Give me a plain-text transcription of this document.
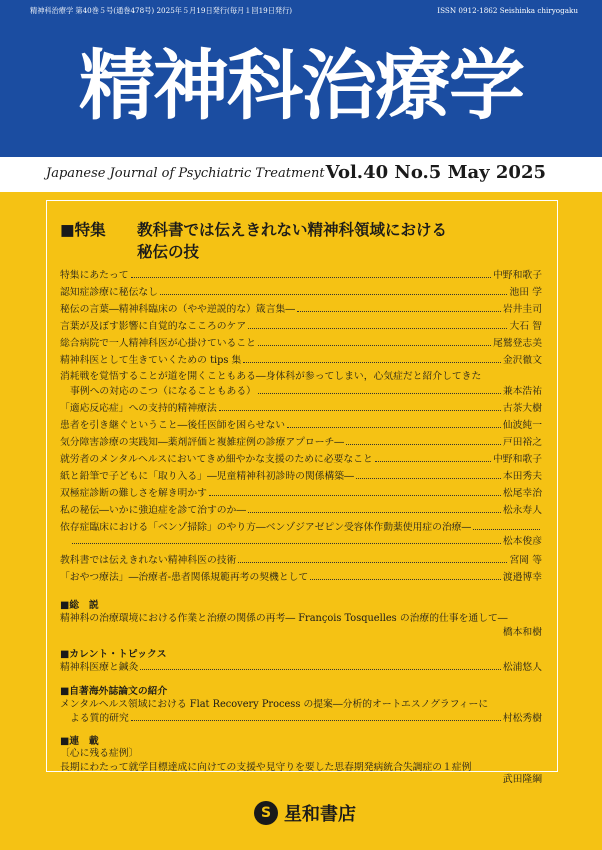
精神科治療学 第40巻５号(通巻478号) 2025年５月19日発行(毎月１回19日発行)	ISSN 0912-1862 Seishinka chiryogaku
精神科治療学
Japanese Journal of Psychiatric Treatment Vol.40 No.5 May 2025
■特集 教科書では伝えきれない精神科領域における
秘伝の技
特集にあたって	中野和歌子
認知症診療に秘伝なし	池田 学
秘伝の言葉―精神科臨床の（やや逆説的な）箴言集―	岩井圭司
言葉が及ぼす影響に自覚的なこころのケア	大石 智
総合病院で一人精神科医が心掛けていること	尾鷲登志美
精神科医として生きていくための tips 集	金沢徹文
消耗戦を覚悟することが道を開くこともある―身体科が参ってしまい，心気症だと紹介してきた
事例への対応のこつ（になることもある）	兼本浩祐
「適応反応症」への支持的精神療法	古茶大樹
患者を引き継ぐということ―後任医師を困らせない	仙波純一
気分障害診療の実践知―薬剤評価と複雑症例の診療アプローチ―	戸田裕之
就労者のメンタルヘルスにおいてきめ細やかな支援のために必要なこと	中野和歌子
紙と鉛筆で子どもに「取り入る」―児童精神科初診時の関係構築―	本田秀夫
双極症診断の難しさを解き明かす	松尾幸治
私の秘伝―いかに強迫症を診て治すのか―	松永寿人
依存症臨床における「ベンゾ掃除」のやり方―ベンゾジアゼピン受容体作動薬使用症の治療―
松本俊彦
教科書では伝えきれない精神科医の技術	宮岡 等
「おやつ療法」―治療者-患者関係規範再考の契機として	渡邉博幸
■総　説
精神科の治療環境における作業と治療の関係の再考― François Tosquelles の治療的仕事を通して―
橋本和樹
■カレント・トピックス
精神科医療と鍼灸	松浦悠人
■自著海外誌論文の紹介
メンタルヘルス領域における Flat Recovery Process の提案―分析的オートエスノグラフィーに
よる質的研究	村松秀樹
■連　載
〔心に残る症例〕
長期にわたって就学目標達成に向けての支援や見守りを要した思春期発病統合失調症の１症例
武田隆綱
S 星和書店
